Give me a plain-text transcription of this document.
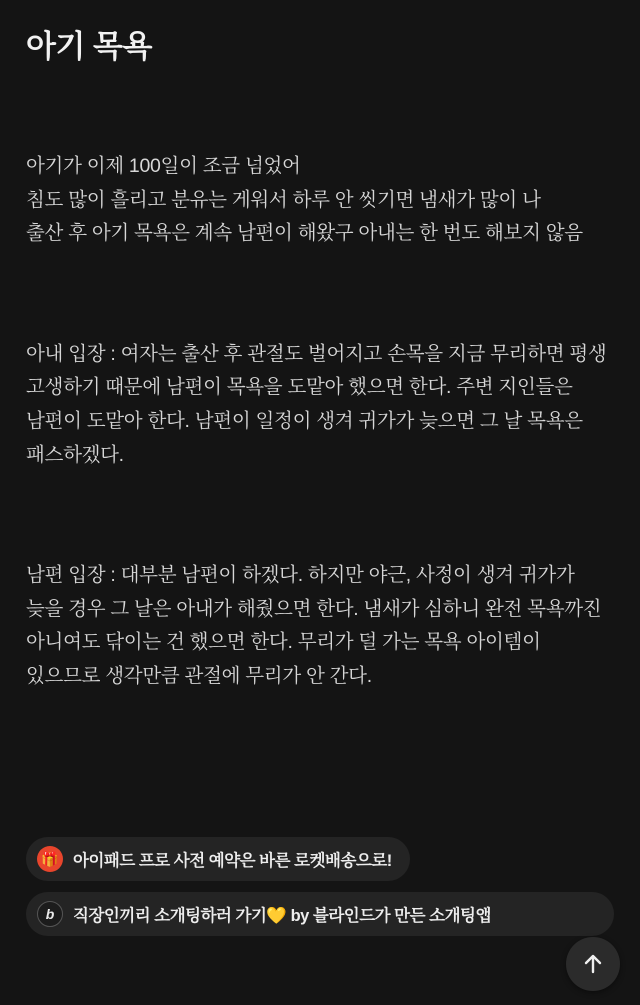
아기 목욕

아기가 이제 100일이 조금 넘었어
침도 많이 흘리고 분유는 게워서 하루 안 씻기면 냄새가 많이 나
출산 후 아기 목욕은 계속 남편이 해왔구 아내는 한 번도 해보지 않음

아내 입장 : 여자는 출산 후 관절도 벌어지고 손목을 지금 무리하면 평생 고생하기 때문에 남편이 목욕을 도맡아 했으면 한다. 주변 지인들은 남편이 도맡아 한다. 남편이 일정이 생겨 귀가가 늦으면 그 날 목욕은 패스하겠다.

남편 입장 : 대부분 남편이 하겠다. 하지만 야근, 사정이 생겨 귀가가 늦을 경우 그 날은 아내가 해줬으면 한다. 냄새가 심하니 완전 목욕까진 아니여도 닦이는 건 했으면 한다. 무리가 덜 가는 목욕 아이템이 있으므로 생각만큼 관절에 무리가 안 간다.

🎁 아이패드 프로 사전 예약은 바른 로켓배송으로!
b	직장인끼리 소개팅하러 가기💛 by 블라인드가 만든 소개팅앱
